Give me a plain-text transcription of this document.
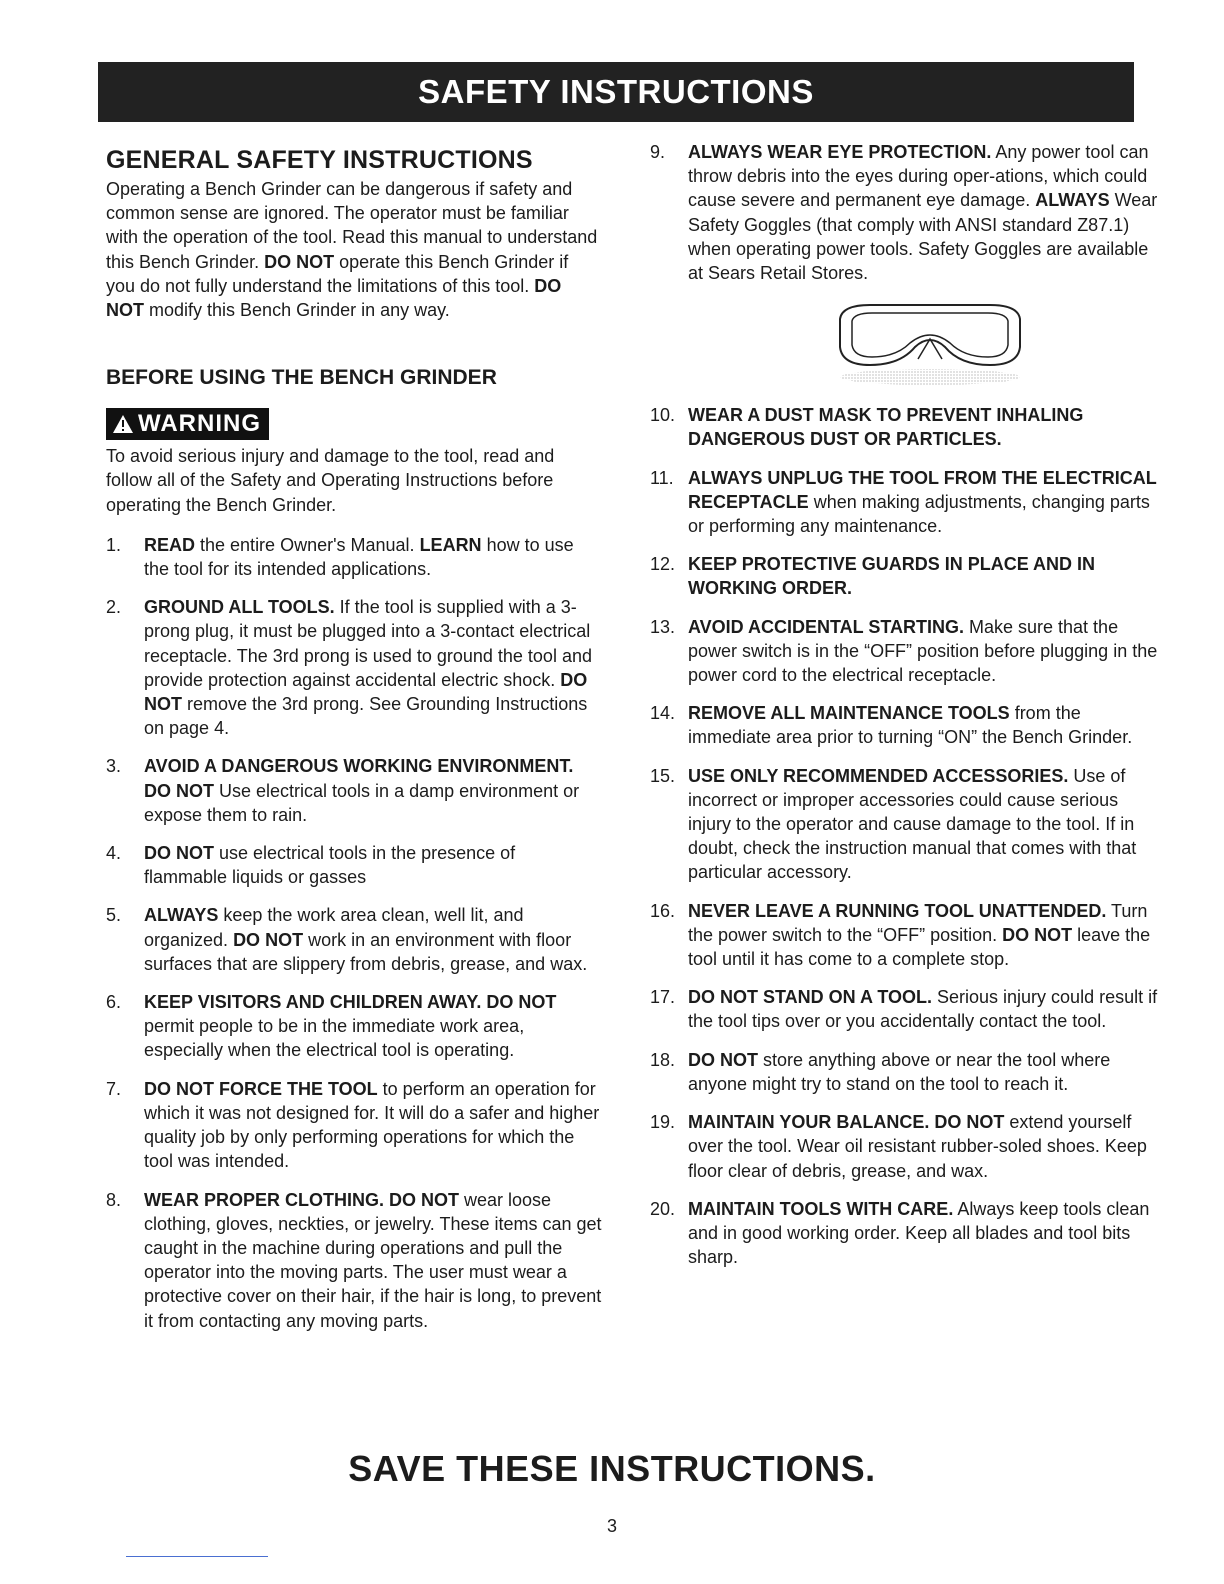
SAFETY INSTRUCTIONS
GENERAL SAFETY INSTRUCTIONS

Operating a Bench Grinder can be dangerous if safety and common sense are ignored. The operator must be familiar with the operation of the tool. Read this manual to understand this Bench Grinder. DO NOT operate this Bench Grinder if you do not fully understand the limitations of this tool. DO NOT modify this Bench Grinder in any way.

BEFORE USING THE BENCH GRINDER
WARNING

To avoid serious injury and damage to the tool, read and follow all of the Safety and Operating Instructions before operating the Bench Grinder.

1. READ the entire Owner's Manual. LEARN how to use the tool for its intended applications.
2. GROUND ALL TOOLS. If the tool is supplied with a 3-prong plug, it must be plugged into a 3-contact electrical receptacle. The 3rd prong is used to ground the tool and provide protection against accidental electric shock. DO NOT remove the 3rd prong. See Grounding Instructions on page 4.
3. AVOID A DANGEROUS WORKING ENVIRONMENT. DO NOT Use electrical tools in a damp environment or expose them to rain.
4. DO NOT use electrical tools in the presence of flammable liquids or gasses
5. ALWAYS keep the work area clean, well lit, and organized. DO NOT work in an environment with floor surfaces that are slippery from debris, grease, and wax.
6. KEEP VISITORS AND CHILDREN AWAY. DO NOT permit people to be in the immediate work area, especially when the electrical tool is operating.
7. DO NOT FORCE THE TOOL to perform an operation for which it was not designed for. It will do a safer and higher quality job by only performing operations for which the tool was intended.
8. WEAR PROPER CLOTHING. DO NOT wear loose clothing, gloves, neckties, or jewelry. These items can get caught in the machine during operations and pull the operator into the moving parts. The user must wear a protective cover on their hair, if the hair is long, to prevent it from contacting any moving parts.
9. ALWAYS WEAR EYE PROTECTION. Any power tool can throw debris into the eyes during oper-ations, which could cause severe and permanent eye damage. ALWAYS Wear Safety Goggles (that comply with ANSI standard Z87.1) when operating power tools. Safety Goggles are available at Sears Retail Stores.
10. WEAR A DUST MASK TO PREVENT INHALING DANGEROUS DUST OR PARTICLES.
11. ALWAYS UNPLUG THE TOOL FROM THE ELECTRICAL RECEPTACLE when making adjustments, changing parts or performing any maintenance.
12. KEEP PROTECTIVE GUARDS IN PLACE AND IN WORKING ORDER.
13. AVOID ACCIDENTAL STARTING. Make sure that the power switch is in the “OFF” position before plugging in the power cord to the electrical receptacle.
14. REMOVE ALL MAINTENANCE TOOLS from the immediate area prior to turning “ON” the Bench Grinder.
15. USE ONLY RECOMMENDED ACCESSORIES. Use of incorrect or improper accessories could cause serious injury to the operator and cause damage to the tool. If in doubt, check the instruction manual that comes with that particular accessory.
16. NEVER LEAVE A RUNNING TOOL UNATTENDED. Turn the power switch to the “OFF” position. DO NOT leave the tool until it has come to a complete stop.
17. DO NOT STAND ON A TOOL. Serious injury could result if the tool tips over or you accidentally contact the tool.
18. DO NOT store anything above or near the tool where anyone might try to stand on the tool to reach it.
19. MAINTAIN YOUR BALANCE. DO NOT extend yourself over the tool. Wear oil resistant rubber-soled shoes. Keep floor clear of debris, grease, and wax.
20. MAINTAIN TOOLS WITH CARE. Always keep tools clean and in good working order. Keep all blades and tool bits sharp.
SAVE THESE INSTRUCTIONS.
3
